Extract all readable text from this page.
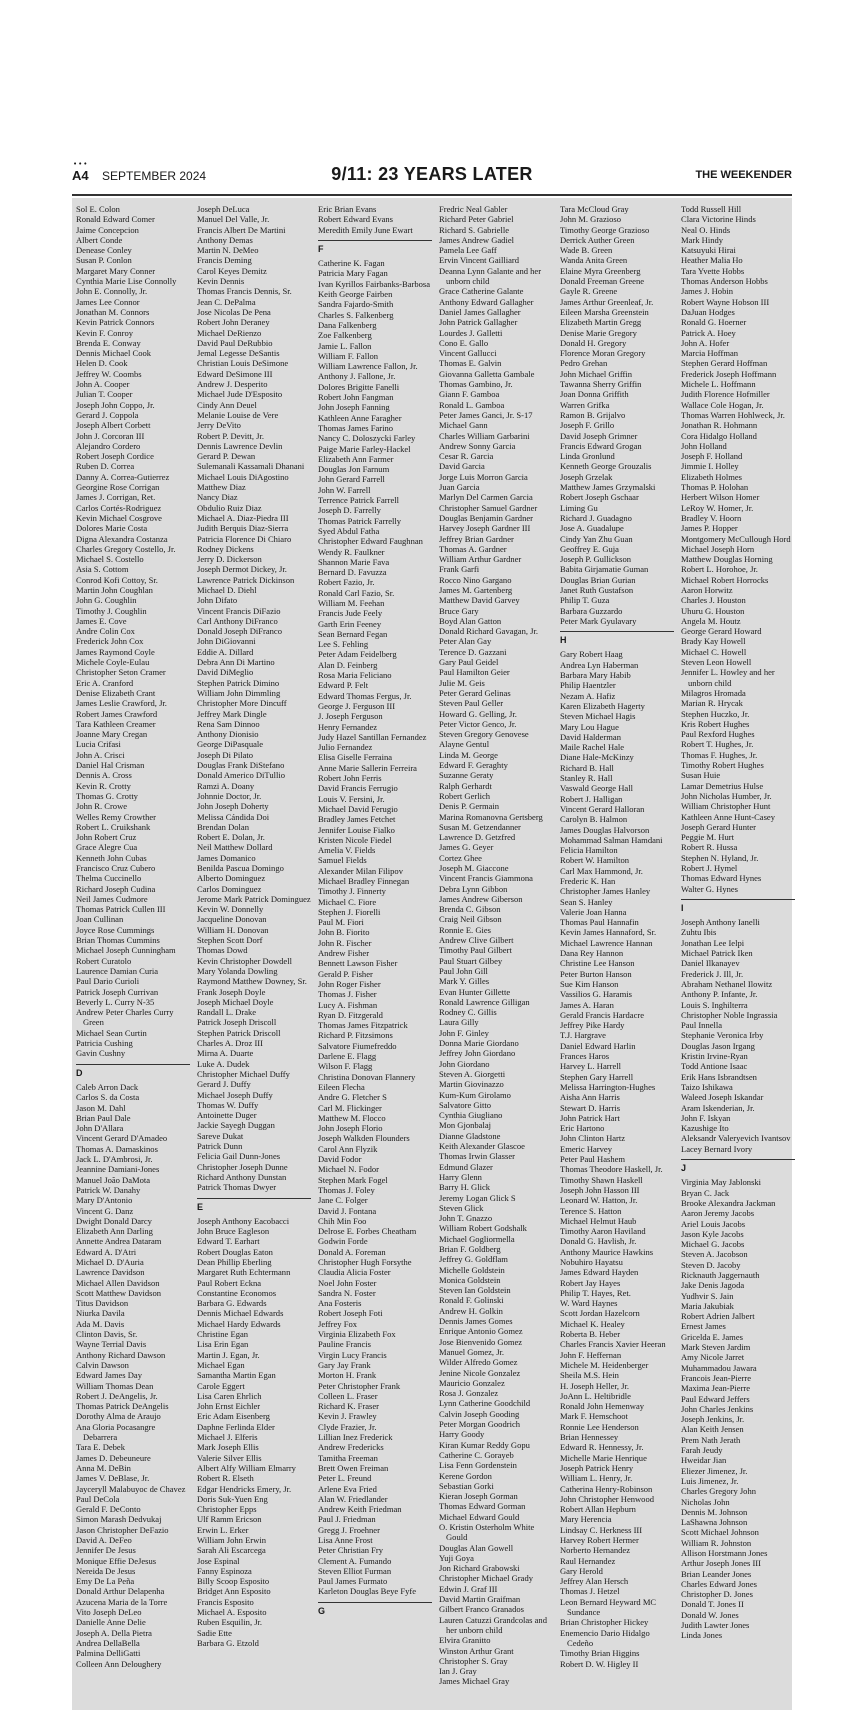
•••
A4 SEPTEMBER 2024	9/11: 23 YEARS LATER	THE WEEKENDER
Sol E. Colon
Ronald Edward Comer
Jaime Concepcion
Albert Conde
Denease Conley
Susan P. Conlon
Margaret Mary Conner
Cynthia Marie Lise Connolly
John E. Connolly, Jr.
James Lee Connor
Jonathan M. Connors
Kevin Patrick Connors
Kevin F. Conroy
Brenda E. Conway
Dennis Michael Cook
Helen D. Cook
Jeffrey W. Coombs
John A. Cooper
Julian T. Cooper
Joseph John Coppo, Jr.
Gerard J. Coppola
Joseph Albert Corbett
John J. Corcoran III
Alejandro Cordero
Robert Joseph Cordice
Ruben D. Correa
Danny A. Correa-Gutierrez
Georgine Rose Corrigan
James J. Corrigan, Ret.
Carlos Cortés-Rodriguez
Kevin Michael Cosgrove
Dolores Marie Costa
Digna Alexandra Costanza
Charles Gregory Costello, Jr.
Michael S. Costello
Asia S. Cottom
Conrod Kofi Cottoy, Sr.
Martin John Coughlan
John G. Coughlin
Timothy J. Coughlin
James E. Cove
Andre Colin Cox
Frederick John Cox
James Raymond Coyle
Michele Coyle-Eulau
Christopher Seton Cramer
Eric A. Cranford
Denise Elizabeth Crant
James Leslie Crawford, Jr.
Robert James Crawford
Tara Kathleen Creamer
Joanne Mary Cregan
Lucia Crifasi
John A. Crisci
Daniel Hal Crisman
Dennis A. Cross
Kevin R. Crotty
Thomas G. Crotty
John R. Crowe
Welles Remy Crowther
Robert L. Cruikshank
John Robert Cruz
Grace Alegre Cua
Kenneth John Cubas
Francisco Cruz Cubero
Thelma Cuccinello
Richard Joseph Cudina
Neil James Cudmore
Thomas Patrick Cullen III
Joan Cullinan
Joyce Rose Cummings
Brian Thomas Cummins
Michael Joseph Cunningham
Robert Curatolo
Laurence Damian Curia
Paul Dario Curioli
Patrick Joseph Currivan
Beverly L. Curry N-35
Andrew Peter Charles Curry Green
Michael Sean Curtin
Patricia Cushing
Gavin Cushny
D
Caleb Arron Dack
Carlos S. da Costa
Jason M. Dahl
Brian Paul Dale
John D'Allara
Vincent Gerard D'Amadeo
Thomas A. Damaskinos
Jack L. D'Ambrosi, Jr.
Jeannine Damiani-Jones
Manuel João DaMota
Patrick W. Danahy
Mary D'Antonio
Vincent G. Danz
Dwight Donald Darcy
Elizabeth Ann Darling
Annette Andrea Dataram
Edward A. D'Atri
Michael D. D'Auria
Lawrence Davidson
Michael Allen Davidson
Scott Matthew Davidson
Titus Davidson
Niurka Davila
Ada M. Davis
Clinton Davis, Sr.
Wayne Terrial Davis
Anthony Richard Dawson
Calvin Dawson
Edward James Day
William Thomas Dean
Robert J. DeAngelis, Jr.
Thomas Patrick DeAngelis
Dorothy Alma de Araujo
Ana Gloria Pocasangre Debarrera
Tara E. Debek
James D. Debeuneure
Anna M. DeBin
James V. DeBlase, Jr.
Jayceryll Malabuyoc de Chavez
Paul DeCola
Gerald F. DeConto
Simon Marash Dedvukaj
Jason Christopher DeFazio
David A. DeFeo
Jennifer De Jesus
Monique Effie DeJesus
Nereida De Jesus
Emy De La Peña
Donald Arthur Delapenha
Azucena Maria de la Torre
Vito Joseph DeLeo
Danielle Anne Delie
Joseph A. Della Pietra
Andrea DellaBella
Palmina DelliGatti
Colleen Ann Deloughery
Joseph DeLuca
Manuel Del Valle, Jr.
Francis Albert De Martini
Anthony Demas
Martin N. DeMeo
Francis Deming
Carol Keyes Demitz
Kevin Dennis
Thomas Francis Dennis, Sr.
Jean C. DePalma
Jose Nicolas De Pena
Robert John Deraney
Michael DeRienzo
David Paul DeRubbio
Jemal Legesse DeSantis
Christian Louis DeSimone
Edward DeSimone III
Andrew J. Desperito
Michael Jude D'Esposito
Cindy Ann Deuel
Melanie Louise de Vere
Jerry DeVito
Robert P. Devitt, Jr.
Dennis Lawrence Devlin
Gerard P. Dewan
Sulemanali Kassamali Dhanani
Michael Louis DiAgostino
Matthew Diaz
Nancy Diaz
Obdulio Ruiz Diaz
Michael A. Diaz-Piedra III
Judith Berquis Diaz-Sierra
Patricia Florence Di Chiaro
Rodney Dickens
Jerry D. Dickerson
Joseph Dermot Dickey, Jr.
Lawrence Patrick Dickinson
Michael D. Diehl
John Difato
Vincent Francis DiFazio
Carl Anthony DiFranco
Donald Joseph DiFranco
John DiGiovanni
Eddie A. Dillard
Debra Ann Di Martino
David DiMeglio
Stephen Patrick Dimino
William John Dimmling
Christopher More Dincuff
Jeffrey Mark Dingle
Rena Sam Dinnoo
Anthony Dionisio
George DiPasquale
Joseph Di Pilato
Douglas Frank DiStefano
Donald Americo DiTullio
Ramzi A. Doany
Johnnie Doctor, Jr.
John Joseph Doherty
Melissa Cándida Doi
Brendan Dolan
Robert E. Dolan, Jr.
Neil Matthew Dollard
James Domanico
Benilda Pascua Domingo
Alberto Dominguez
Carlos Dominguez
Jerome Mark Patrick Dominguez
Kevin W. Donnelly
Jacqueline Donovan
William H. Donovan
Stephen Scott Dorf
Thomas Dowd
Kevin Christopher Dowdell
Mary Yolanda Dowling
Raymond Matthew Downey, Sr.
Frank Joseph Doyle
Joseph Michael Doyle
Randall L. Drake
Patrick Joseph Driscoll
Stephen Patrick Driscoll
Charles A. Droz III
Mirna A. Duarte
Luke A. Dudek
Christopher Michael Duffy
Gerard J. Duffy
Michael Joseph Duffy
Thomas W. Duffy
Antoinette Duger
Jackie Sayegh Duggan
Sareve Dukat
Patrick Dunn
Felicia Gail Dunn-Jones
Christopher Joseph Dunne
Richard Anthony Dunstan
Patrick Thomas Dwyer
E
Joseph Anthony Eacobacci
John Bruce Eagleson
Edward T. Earhart
Robert Douglas Eaton
Dean Phillip Eberling
Margaret Ruth Echtermann
Paul Robert Eckna
Constantine Economos
Barbara G. Edwards
Dennis Michael Edwards
Michael Hardy Edwards
Christine Egan
Lisa Erin Egan
Martin J. Egan, Jr.
Michael Egan
Samantha Martin Egan
Carole Eggert
Lisa Caren Ehrlich
John Ernst Eichler
Eric Adam Eisenberg
Daphne Ferlinda Elder
Michael J. Elferis
Mark Joseph Ellis
Valerie Silver Ellis
Albert Alfy William Elmarry
Robert R. Elseth
Edgar Hendricks Emery, Jr.
Doris Suk-Yuen Eng
Christopher Epps
Ulf Ramm Ericson
Erwin L. Erker
William John Erwin
Sarah Ali Escarcega
Jose Espinal
Fanny Espinoza
Billy Scoop Esposito
Bridget Ann Esposito
Francis Esposito
Michael A. Esposito
Ruben Esquilin, Jr.
Sadie Ette
Barbara G. Etzold
Eric Brian Evans
Robert Edward Evans
Meredith Emily June Ewart
F
Catherine K. Fagan
Patricia Mary Fagan
Ivan Kyrillos Fairbanks-Barbosa
Keith George Fairben
Sandra Fajardo-Smith
Charles S. Falkenberg
Dana Falkenberg
Zoe Falkenberg
Jamie L. Fallon
William F. Fallon
William Lawrence Fallon, Jr.
Anthony J. Fallone, Jr.
Dolores Brigitte Fanelli
Robert John Fangman
John Joseph Fanning
Kathleen Anne Faragher
Thomas James Farino
Nancy C. Doloszycki Farley
Paige Marie Farley-Hackel
Elizabeth Ann Farmer
Douglas Jon Farnum
John Gerard Farrell
John W. Farrell
Terrence Patrick Farrell
Joseph D. Farrelly
Thomas Patrick Farrelly
Syed Abdul Fatha
Christopher Edward Faughnan
Wendy R. Faulkner
Shannon Marie Fava
Bernard D. Favuzza
Robert Fazio, Jr.
Ronald Carl Fazio, Sr.
William M. Feehan
Francis Jude Feely
Garth Erin Feeney
Sean Bernard Fegan
Lee S. Fehling
Peter Adam Feidelberg
Alan D. Feinberg
Rosa Maria Feliciano
Edward P. Felt
Edward Thomas Fergus, Jr.
George J. Ferguson III
J. Joseph Ferguson
Henry Fernandez
Judy Hazel Santillan Fernandez
Julio Fernandez
Elisa Giselle Ferraina
Anne Marie Sallerin Ferreira
Robert John Ferris
David Francis Ferrugio
Louis V. Fersini, Jr.
Michael David Ferugio
Bradley James Fetchet
Jennifer Louise Fialko
Kristen Nicole Fiedel
Amelia V. Fields
Samuel Fields
Alexander Milan Filipov
Michael Bradley Finnegan
Timothy J. Finnerty
Michael C. Fiore
Stephen J. Fiorelli
Paul M. Fiori
John B. Fiorito
John R. Fischer
Andrew Fisher
Bennett Lawson Fisher
Gerald P. Fisher
John Roger Fisher
Thomas J. Fisher
Lucy A. Fishman
Ryan D. Fitzgerald
Thomas James Fitzpatrick
Richard P. Fitzsimons
Salvatore Fiumefreddo
Darlene E. Flagg
Wilson F. Flagg
Christina Donovan Flannery
Eileen Flecha
Andre G. Fletcher S
Carl M. Flickinger
Matthew M. Flocco
John Joseph Florio
Joseph Walkden Flounders
Carol Ann Flyzik
David Fodor
Michael N. Fodor
Stephen Mark Fogel
Thomas J. Foley
Jane C. Folger
David J. Fontana
Chih Min Foo
Delrose E. Forbes Cheatham
Godwin Forde
Donald A. Foreman
Christopher Hugh Forsythe
Claudia Alicia Foster
Noel John Foster
Sandra N. Foster
Ana Fosteris
Robert Joseph Foti
Jeffrey Fox
Virginia Elizabeth Fox
Pauline Francis
Virgin Lucy Francis
Gary Jay Frank
Morton H. Frank
Peter Christopher Frank
Colleen L. Fraser
Richard K. Fraser
Kevin J. Frawley
Clyde Frazier, Jr.
Lillian Inez Frederick
Andrew Fredericks
Tamitha Freeman
Brett Owen Freiman
Peter L. Freund
Arlene Eva Fried
Alan W. Friedlander
Andrew Keith Friedman
Paul J. Friedman
Gregg J. Froehner
Lisa Anne Frost
Peter Christian Fry
Clement A. Fumando
Steven Elliot Furman
Paul James Furmato
Karleton Douglas Beye Fyfe
G
Fredric Neal Gabler
Richard Peter Gabriel
Richard S. Gabrielle
James Andrew Gadiel
Pamela Lee Gaff
Ervin Vincent Gailliard
Deanna Lynn Galante and her unborn child
Grace Catherine Galante
Anthony Edward Gallagher
Daniel James Gallagher
John Patrick Gallagher
Lourdes J. Galletti
Cono E. Gallo
Vincent Gallucci
Thomas E. Galvin
Giovanna Galletta Gambale
Thomas Gambino, Jr.
Giann F. Gamboa
Ronald L. Gamboa
Peter James Ganci, Jr. S-17
Michael Gann
Charles William Garbarini
Andrew Sonny Garcia
Cesar R. Garcia
David Garcia
Jorge Luis Morron Garcia
Juan Garcia
Marlyn Del Carmen Garcia
Christopher Samuel Gardner
Douglas Benjamin Gardner
Harvey Joseph Gardner III
Jeffrey Brian Gardner
Thomas A. Gardner
William Arthur Gardner
Frank Garfi
Rocco Nino Gargano
James M. Gartenberg
Matthew David Garvey
Bruce Gary
Boyd Alan Gatton
Donald Richard Gavagan, Jr.
Peter Alan Gay
Terence D. Gazzani
Gary Paul Geidel
Paul Hamilton Geier
Julie M. Geis
Peter Gerard Gelinas
Steven Paul Geller
Howard G. Gelling, Jr.
Peter Victor Genco, Jr.
Steven Gregory Genovese
Alayne Gentul
Linda M. George
Edward F. Geraghty
Suzanne Geraty
Ralph Gerhardt
Robert Gerlich
Denis P. Germain
Marina Romanovna Gertsberg
Susan M. Getzendanner
Lawrence D. Getzfred
James G. Geyer
Cortez Ghee
Joseph M. Giaccone
Vincent Francis Giammona
Debra Lynn Gibbon
James Andrew Giberson
Brenda C. Gibson
Craig Neil Gibson
Ronnie E. Gies
Andrew Clive Gilbert
Timothy Paul Gilbert
Paul Stuart Gilbey
Paul John Gill
Mark Y. Gilles
Evan Hunter Gillette
Ronald Lawrence Gilligan
Rodney C. Gillis
Laura Gilly
John F. Ginley
Donna Marie Giordano
Jeffrey John Giordano
John Giordano
Steven A. Giorgetti
Martin Giovinazzo
Kum-Kum Girolamo
Salvatore Gitto
Cynthia Giugliano
Mon Gjonbalaj
Dianne Gladstone
Keith Alexander Glascoe
Thomas Irwin Glasser
Edmund Glazer
Harry Glenn
Barry H. Glick
Jeremy Logan Glick S
Steven Glick
John T. Gnazzo
William Robert Godshalk
Michael Gogliormella
Brian F. Goldberg
Jeffrey G. Goldflam
Michelle Goldstein
Monica Goldstein
Steven Ian Goldstein
Ronald F. Golinski
Andrew H. Golkin
Dennis James Gomes
Enrique Antonio Gomez
Jose Bienvenido Gomez
Manuel Gomez, Jr.
Wilder Alfredo Gomez
Jenine Nicole Gonzalez
Mauricio Gonzalez
Rosa J. Gonzalez
Lynn Catherine Goodchild
Calvin Joseph Gooding
Peter Morgan Goodrich
Harry Goody
Kiran Kumar Reddy Gopu
Catherine C. Gorayeb
Lisa Fenn Gordenstein
Kerene Gordon
Sebastian Gorki
Kieran Joseph Gorman
Thomas Edward Gorman
Michael Edward Gould
O. Kristin Osterholm White Gould
Douglas Alan Gowell
Yuji Goya
Jon Richard Grabowski
Christopher Michael Grady
Edwin J. Graf III
David Martin Graifman
Gilbert Franco Granados
Lauren Catuzzi Grandcolas and her unborn child
Elvira Granitto
Winston Arthur Grant
Christopher S. Gray
Ian J. Gray
James Michael Gray
Tara McCloud Gray
John M. Grazioso
Timothy George Grazioso
Derrick Auther Green
Wade B. Green
Wanda Anita Green
Elaine Myra Greenberg
Donald Freeman Greene
Gayle R. Greene
James Arthur Greenleaf, Jr.
Eileen Marsha Greenstein
Elizabeth Martin Gregg
Denise Marie Gregory
Donald H. Gregory
Florence Moran Gregory
Pedro Grehan
John Michael Griffin
Tawanna Sherry Griffin
Joan Donna Griffith
Warren Grifka
Ramon B. Grijalvo
Joseph F. Grillo
David Joseph Grimner
Francis Edward Grogan
Linda Gronlund
Kenneth George Grouzalis
Joseph Grzelak
Matthew James Grzymalski
Robert Joseph Gschaar
Liming Gu
Richard J. Guadagno
Jose A. Guadalupe
Cindy Yan Zhu Guan
Geoffrey E. Guja
Joseph P. Gullickson
Babita Girjamatie Guman
Douglas Brian Gurian
Janet Ruth Gustafson
Philip T. Guza
Barbara Guzzardo
Peter Mark Gyulavary
H
Gary Robert Haag
Andrea Lyn Haberman
Barbara Mary Habib
Philip Haentzler
Nezam A. Hafiz
Karen Elizabeth Hagerty
Steven Michael Hagis
Mary Lou Hague
David Halderman
Maile Rachel Hale
Diane Hale-McKinzy
Richard B. Hall
Stanley R. Hall
Vaswald George Hall
Robert J. Halligan
Vincent Gerard Halloran
Carolyn B. Halmon
James Douglas Halvorson
Mohammad Salman Hamdani
Felicia Hamilton
Robert W. Hamilton
Carl Max Hammond, Jr.
Frederic K. Han
Christopher James Hanley
Sean S. Hanley
Valerie Joan Hanna
Thomas Paul Hannafin
Kevin James Hannaford, Sr.
Michael Lawrence Hannan
Dana Rey Hannon
Christine Lee Hanson
Peter Burton Hanson
Sue Kim Hanson
Vassilios G. Haramis
James A. Haran
Gerald Francis Hardacre
Jeffrey Pike Hardy
T.J. Hargrave
Daniel Edward Harlin
Frances Haros
Harvey L. Harrell
Stephen Gary Harrell
Melissa Harrington-Hughes
Aisha Ann Harris
Stewart D. Harris
John Patrick Hart
Eric Hartono
John Clinton Hartz
Emeric Harvey
Peter Paul Hashem
Thomas Theodore Haskell, Jr.
Timothy Shawn Haskell
Joseph John Hasson III
Leonard W. Hatton, Jr.
Terence S. Hatton
Michael Helmut Haub
Timothy Aaron Haviland
Donald G. Havlish, Jr.
Anthony Maurice Hawkins
Nobuhiro Hayatsu
James Edward Hayden
Robert Jay Hayes
Philip T. Hayes, Ret.
W. Ward Haynes
Scott Jordan Hazelcorn
Michael K. Healey
Roberta B. Heber
Charles Francis Xavier Heeran
John F. Heffernan
Michele M. Heidenberger
Sheila M.S. Hein
H. Joseph Heller, Jr.
JoAnn L. Heltibridle
Ronald John Hemenway
Mark F. Hemschoot
Ronnie Lee Henderson
Brian Hennessey
Edward R. Hennessy, Jr.
Michelle Marie Henrique
Joseph Patrick Henry
William L. Henry, Jr.
Catherina Henry-Robinson
John Christopher Henwood
Robert Allan Hepburn
Mary Herencia
Lindsay C. Herkness III
Harvey Robert Hermer
Norberto Hernandez
Raul Hernandez
Gary Herold
Jeffrey Alan Hersch
Thomas J. Hetzel
Leon Bernard Heyward MC Sundance
Brian Christopher Hickey
Enemencio Dario Hidalgo Cedeño
Timothy Brian Higgins
Robert D. W. Higley II
Todd Russell Hill
Clara Victorine Hinds
Neal O. Hinds
Mark Hindy
Katsuyuki Hirai
Heather Malia Ho
Tara Yvette Hobbs
Thomas Anderson Hobbs
James J. Hobin
Robert Wayne Hobson III
DaJuan Hodges
Ronald G. Hoerner
Patrick A. Hoey
John A. Hofer
Marcia Hoffman
Stephen Gerard Hoffman
Frederick Joseph Hoffmann
Michele L. Hoffmann
Judith Florence Hofmiller
Wallace Cole Hogan, Jr.
Thomas Warren Hohlweck, Jr.
Jonathan R. Hohmann
Cora Hidalgo Holland
John Holland
Joseph F. Holland
Jimmie I. Holley
Elizabeth Holmes
Thomas P. Holohan
Herbert Wilson Homer
LeRoy W. Homer, Jr.
Bradley V. Hoorn
James P. Hopper
Montgomery McCullough Hord
Michael Joseph Horn
Matthew Douglas Horning
Robert L. Horohoe, Jr.
Michael Robert Horrocks
Aaron Horwitz
Charles J. Houston
Uhuru G. Houston
Angela M. Houtz
George Gerard Howard
Brady Kay Howell
Michael C. Howell
Steven Leon Howell
Jennifer L. Howley and her unborn child
Milagros Hromada
Marian R. Hrycak
Stephen Huczko, Jr.
Kris Robert Hughes
Paul Rexford Hughes
Robert T. Hughes, Jr.
Thomas F. Hughes, Jr.
Timothy Robert Hughes
Susan Huie
Lamar Demetrius Hulse
John Nicholas Humber, Jr.
William Christopher Hunt
Kathleen Anne Hunt-Casey
Joseph Gerard Hunter
Peggie M. Hurt
Robert R. Hussa
Stephen N. Hyland, Jr.
Robert J. Hymel
Thomas Edward Hynes
Walter G. Hynes
I
Joseph Anthony Ianelli
Zuhtu Ibis
Jonathan Lee Ielpi
Michael Patrick Iken
Daniel Ilkanayev
Frederick J. Ill, Jr.
Abraham Nethanel Ilowitz
Anthony P. Infante, Jr.
Louis S. Inghilterra
Christopher Noble Ingrassia
Paul Innella
Stephanie Veronica Irby
Douglas Jason Irgang
Kristin Irvine-Ryan
Todd Antione Isaac
Erik Hans Isbrandtsen
Taizo Ishikawa
Waleed Joseph Iskandar
Aram Iskenderian, Jr.
John F. Iskyan
Kazushige Ito
Aleksandr Valeryevich Ivantsov
Lacey Bernard Ivory
J
Virginia May Jablonski
Bryan C. Jack
Brooke Alexandra Jackman
Aaron Jeremy Jacobs
Ariel Louis Jacobs
Jason Kyle Jacobs
Michael G. Jacobs
Steven A. Jacobson
Steven D. Jacoby
Ricknauth Jaggernauth
Jake Denis Jagoda
Yudhvir S. Jain
Maria Jakubiak
Robert Adrien Jalbert
Ernest James
Gricelda E. James
Mark Steven Jardim
Amy Nicole Jarret
Muhammadou Jawara
Francois Jean-Pierre
Maxima Jean-Pierre
Paul Edward Jeffers
John Charles Jenkins
Joseph Jenkins, Jr.
Alan Keith Jensen
Prem Nath Jerath
Farah Jeudy
Hweidar Jian
Eliezer Jimenez, Jr.
Luis Jimenez, Jr.
Charles Gregory John
Nicholas John
Dennis M. Johnson
LaShawna Johnson
Scott Michael Johnson
William R. Johnston
Allison Horstmann Jones
Arthur Joseph Jones III
Brian Leander Jones
Charles Edward Jones
Christopher D. Jones
Donald T. Jones II
Donald W. Jones
Judith Lawter Jones
Linda Jones
